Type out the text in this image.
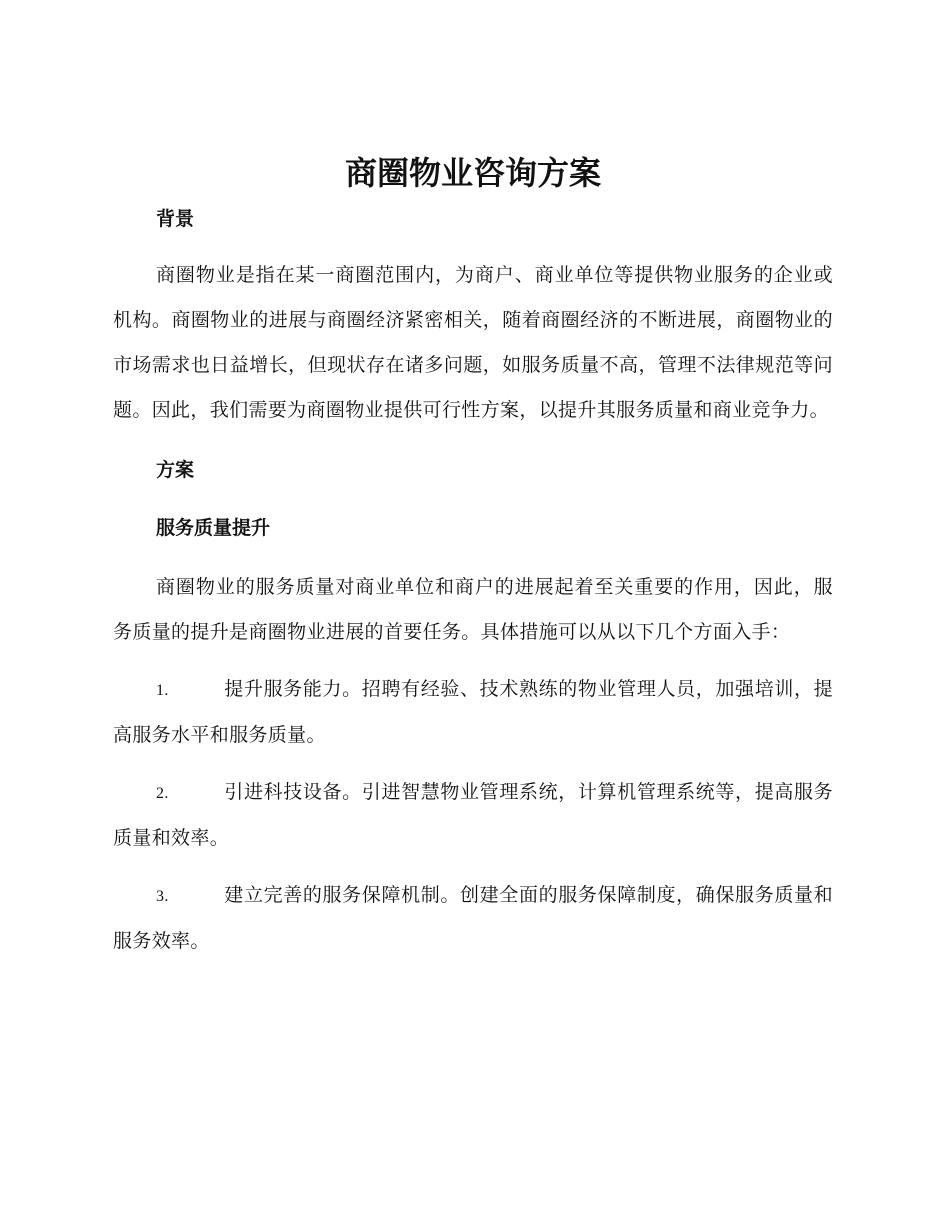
商圈物业咨询方案
背景

商圈物业是指在某一商圈范围内，为商户、商业单位等提供物业服务的企业或机构。商圈物业的进展与商圈经济紧密相关，随着商圈经济的不断进展，商圈物业的市场需求也日益增长，但现状存在诸多问题，如服务质量不高，管理不法律规范等问题。因此，我们需要为商圈物业提供可行性方案，以提升其服务质量和商业竞争力。

方案
服务质量提升

商圈物业的服务质量对商业单位和商户的进展起着至关重要的作用，因此，服务质量的提升是商圈物业进展的首要任务。具体措施可以从以下几个方面入手：

1.	提升服务能力。招聘有经验、技术熟练的物业管理人员，加强培训，提高服务水平和服务质量。

2.	引进科技设备。引进智慧物业管理系统，计算机管理系统等，提高服务质量和效率。

3.	建立完善的服务保障机制。创建全面的服务保障制度，确保服务质量和服务效率。
